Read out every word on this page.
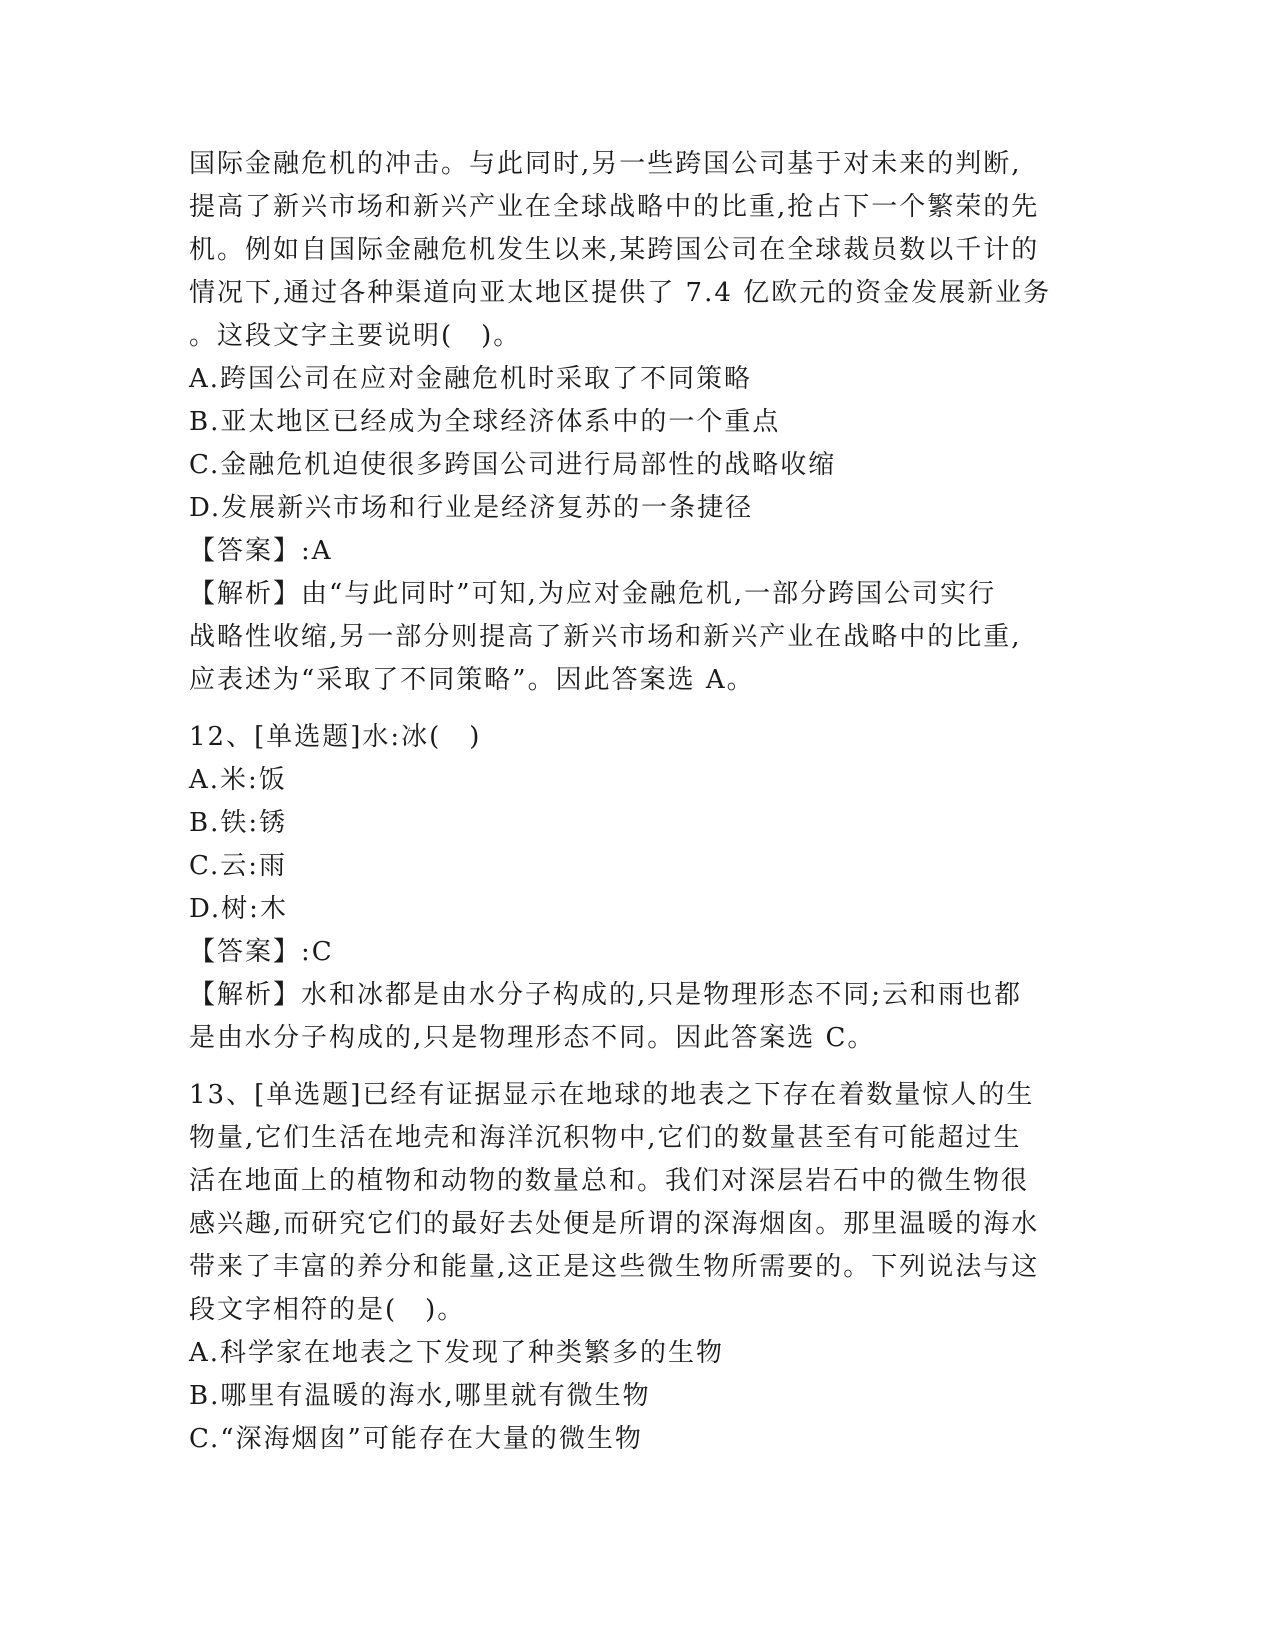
国际金融危机的冲击。与此同时,另一些跨国公司基于对未来的判断,
提高了新兴市场和新兴产业在全球战略中的比重,抢占下一个繁荣的先
机。例如自国际金融危机发生以来,某跨国公司在全球裁员数以千计的
情况下,通过各种渠道向亚太地区提供了 7.4 亿欧元的资金发展新业务
。这段文字主要说明(　)。
A.跨国公司在应对金融危机时采取了不同策略
B.亚太地区已经成为全球经济体系中的一个重点
C.金融危机迫使很多跨国公司进行局部性的战略收缩
D.发展新兴市场和行业是经济复苏的一条捷径
【答案】:A
【解析】由“与此同时”可知,为应对金融危机,一部分跨国公司实行
战略性收缩,另一部分则提高了新兴市场和新兴产业在战略中的比重,
应表述为“采取了不同策略”。因此答案选 A。
12、[单选题]水:冰(　)
A.米:饭
B.铁:锈
C.云:雨
D.树:木
【答案】:C
【解析】水和冰都是由水分子构成的,只是物理形态不同;云和雨也都
是由水分子构成的,只是物理形态不同。因此答案选 C。
13、[单选题]已经有证据显示在地球的地表之下存在着数量惊人的生
物量,它们生活在地壳和海洋沉积物中,它们的数量甚至有可能超过生
活在地面上的植物和动物的数量总和。我们对深层岩石中的微生物很
感兴趣,而研究它们的最好去处便是所谓的深海烟囱。那里温暖的海水
带来了丰富的养分和能量,这正是这些微生物所需要的。下列说法与这
段文字相符的是(　)。
A.科学家在地表之下发现了种类繁多的生物
B.哪里有温暖的海水,哪里就有微生物
C.“深海烟囱”可能存在大量的微生物
